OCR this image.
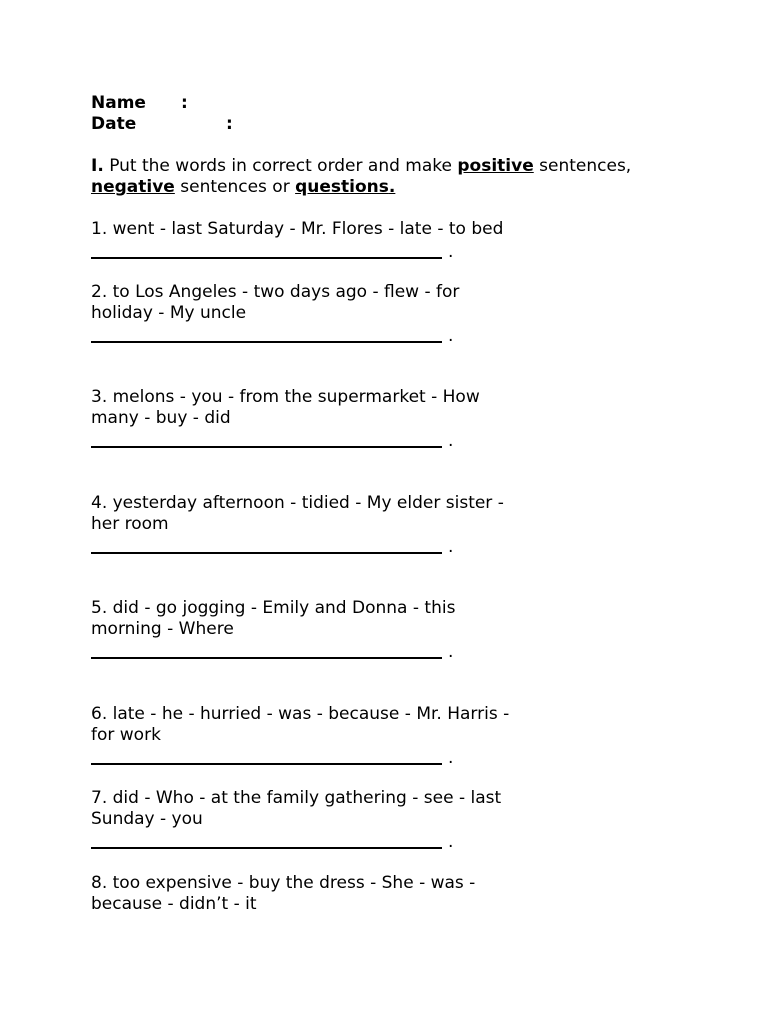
Name
Date
:
:
I. Put the words in correct order and make positive sentences,
negative sentences or questions.
1. went - last Saturday - Mr. Flores - late - to bed
.
2. to Los Angeles - two days ago - flew - for
holiday - My uncle
.
3. melons - you - from the supermarket - How
many - buy - did
.
4. yesterday afternoon - tidied - My elder sister -
her room
.
5. did - go jogging - Emily and Donna - this
morning - Where
.
6. late - he - hurried - was - because - Mr. Harris -
for work
.
7. did - Who - at the family gathering - see - last
Sunday - you
.
8. too expensive - buy the dress - She - was -
because - didn’t - it
